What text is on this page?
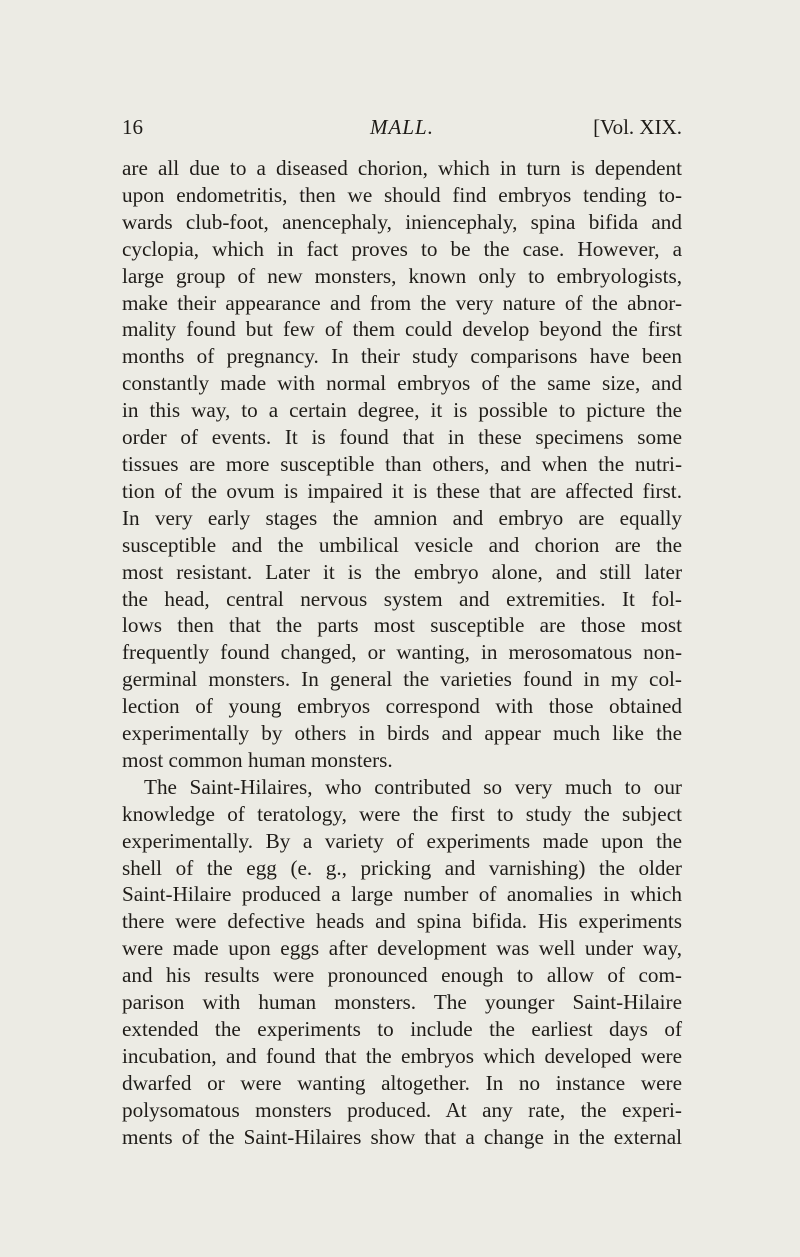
16	MALL.	[Vol. XIX.
are all due to a diseased chorion, which in turn is dependent
upon endometritis, then we should find embryos tending to-
wards club-foot, anencephaly, iniencephaly, spina bifida and
cyclopia, which in fact proves to be the case. However, a
large group of new monsters, known only to embryologists,
make their appearance and from the very nature of the abnor-
mality found but few of them could develop beyond the first
months of pregnancy. In their study comparisons have been
constantly made with normal embryos of the same size, and
in this way, to a certain degree, it is possible to picture the
order of events. It is found that in these specimens some
tissues are more susceptible than others, and when the nutri-
tion of the ovum is impaired it is these that are affected first.
In very early stages the amnion and embryo are equally
susceptible and the umbilical vesicle and chorion are the
most resistant. Later it is the embryo alone, and still later
the head, central nervous system and extremities. It fol-
lows then that the parts most susceptible are those most
frequently found changed, or wanting, in merosomatous non-
germinal monsters. In general the varieties found in my col-
lection of young embryos correspond with those obtained
experimentally by others in birds and appear much like the
most common human monsters.
The Saint-Hilaires, who contributed so very much to our
knowledge of teratology, were the first to study the subject
experimentally. By a variety of experiments made upon the
shell of the egg (e. g., pricking and varnishing) the older
Saint-Hilaire produced a large number of anomalies in which
there were defective heads and spina bifida. His experiments
were made upon eggs after development was well under way,
and his results were pronounced enough to allow of com-
parison with human monsters. The younger Saint-Hilaire
extended the experiments to include the earliest days of
incubation, and found that the embryos which developed were
dwarfed or were wanting altogether. In no instance were
polysomatous monsters produced. At any rate, the experi-
ments of the Saint-Hilaires show that a change in the external
